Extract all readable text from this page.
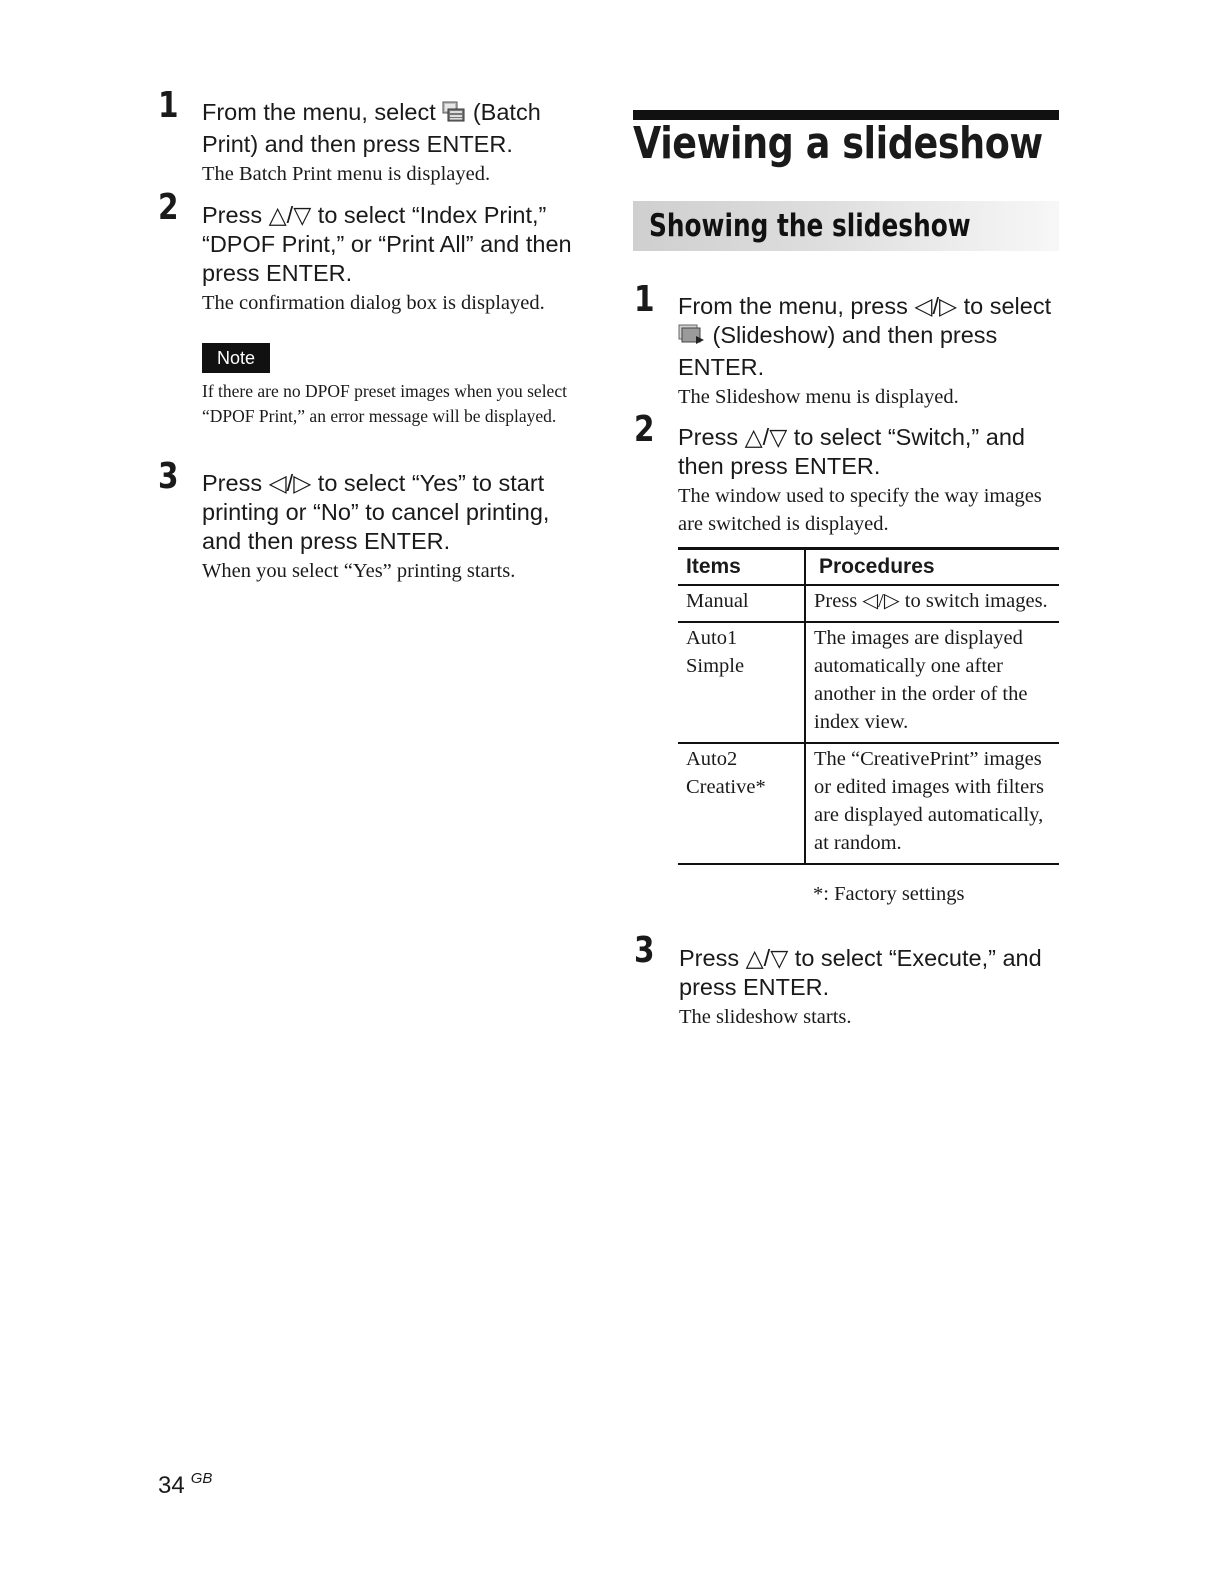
1 From the menu, select (Batch Print) and then press ENTER.
The Batch Print menu is displayed.
2 Press △/▽ to select “Index Print,” “DPOF Print,” or “Print All” and then press ENTER.
The confirmation dialog box is displayed.
Note
If there are no DPOF preset images when you select “DPOF Print,” an error message will be displayed.
3 Press ◁/▷ to select “Yes” to start printing or “No” to cancel printing, and then press ENTER.
When you select “Yes” printing starts.
Viewing a slideshow
Showing the slideshow
1 From the menu, press ◁/▷ to select  (Slideshow) and then press ENTER.
The Slideshow menu is displayed.
2 Press △/▽ to select “Switch,” and then press ENTER.
The window used to specify the way images are switched is displayed.
Items	Procedures
Manual	Press ◁/▷ to switch images.
Auto1
Simple	The images are displayed automatically one after another in the order of the index view.
Auto2
Creative*	The “CreativePrint” images or edited images with filters are displayed automatically, at random.
*: Factory settings
3 Press △/▽ to select “Execute,” and press ENTER.
The slideshow starts.
34 $^{GB}$
